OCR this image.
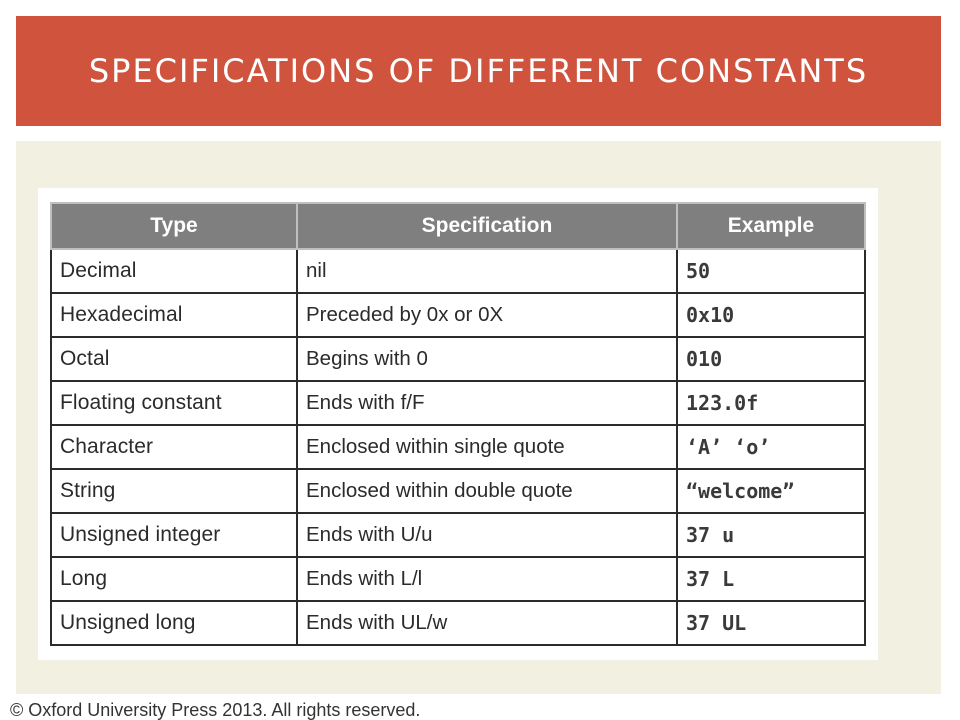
SPECIFICATIONS OF DIFFERENT CONSTANTS
Type	Specification	Example
Decimal	nil	50
Hexadecimal	Preceded by 0x or 0X	0x10
Octal	Begins with 0	010
Floating constant	Ends with f/F	123.0f
Character	Enclosed within single quote	‘A’ ‘o’
String	Enclosed within double quote	“welcome”
Unsigned integer	Ends with U/u	37 u
Long	Ends with L/l	37 L
Unsigned long	Ends with UL/w	37 UL
© Oxford University Press 2013. All rights reserved.
